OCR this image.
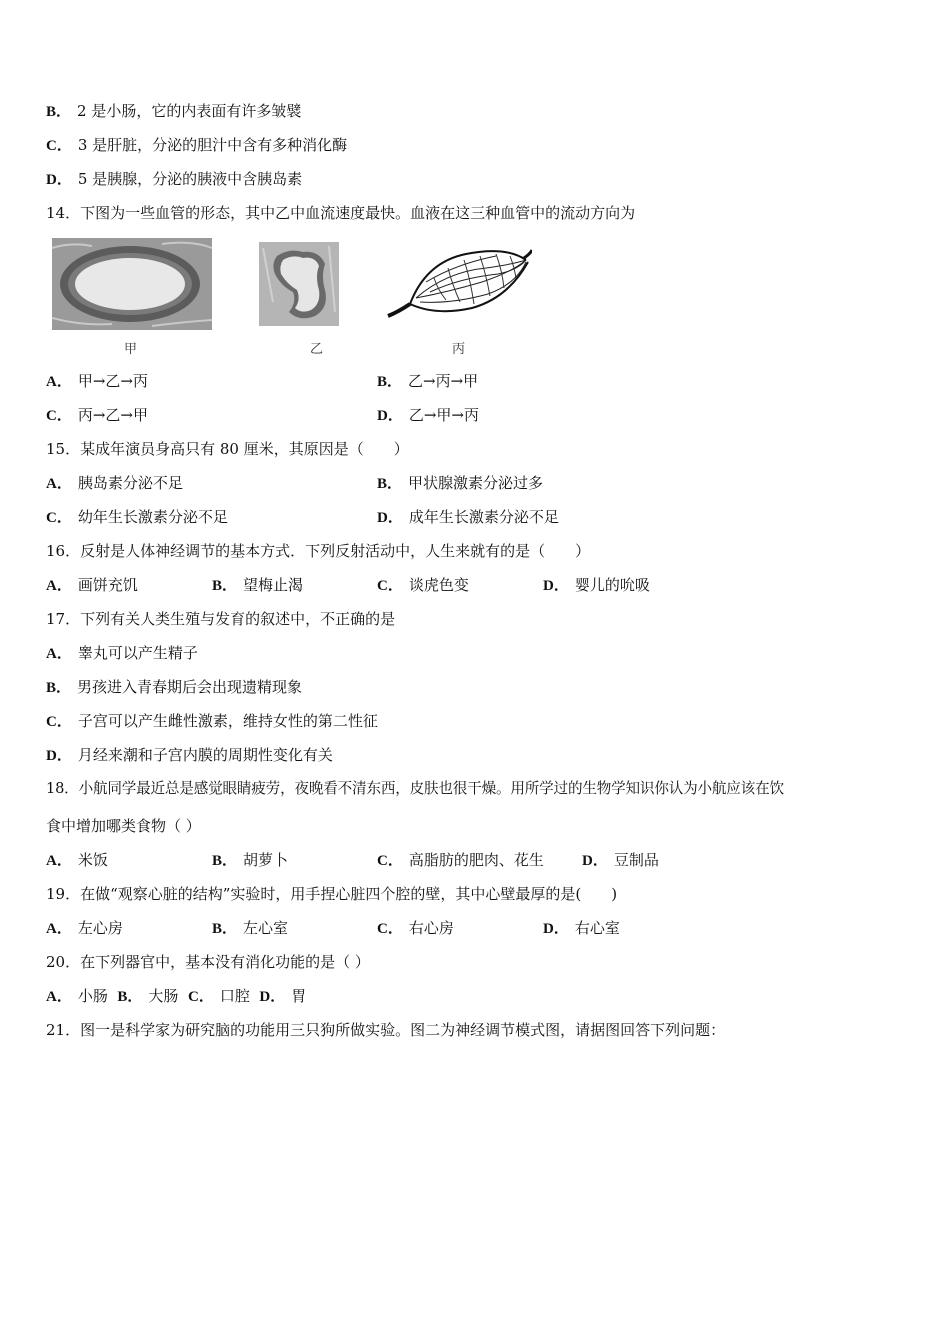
B． 2 是小肠，它的内表面有许多皱襞
C． 3 是肝脏，分泌的胆汁中含有多种消化酶
D． 5 是胰腺，分泌的胰液中含胰岛素
14．下图为一些血管的形态，其中乙中血流速度最快。血液在这三种血管中的流动方向为
甲	乙	丙
A． 甲→乙→丙	B． 乙→丙→甲
C． 丙→乙→甲	D． 乙→甲→丙
15．某成年演员身高只有 80 厘米，其原因是（　　）
A． 胰岛素分泌不足	B． 甲状腺激素分泌过多
C． 幼年生长激素分泌不足	D． 成年生长激素分泌不足
16．反射是人体神经调节的基本方式．下列反射活动中，人生来就有的是（　　）
A． 画饼充饥	B． 望梅止渴	C． 谈虎色变	D． 婴儿的吮吸
17．下列有关人类生殖与发育的叙述中，不正确的是
A． 睾丸可以产生精子
B． 男孩进入青春期后会出现遗精现象
C． 子宫可以产生雌性激素，维持女性的第二性征
D． 月经来潮和子宫内膜的周期性变化有关
18．小航同学最近总是感觉眼睛疲劳，夜晚看不清东西，皮肤也很干燥。用所学过的生物学知识你认为小航应该在饮
食中增加哪类食物（ ）
A． 米饭	B． 胡萝卜	C． 高脂肪的肥肉、花生	D． 豆制品
19．在做“观察心脏的结构”实验时，用手捏心脏四个腔的壁，其中心壁最厚的是(　　)
A． 左心房	B． 左心室	C． 右心房	D． 右心室
20．在下列器官中，基本没有消化功能的是（ ）
A． 小肠 B． 大肠 C． 口腔 D． 胃
21．图一是科学家为研究脑的功能用三只狗所做实验。图二为神经调节模式图，请据图回答下列问题：
